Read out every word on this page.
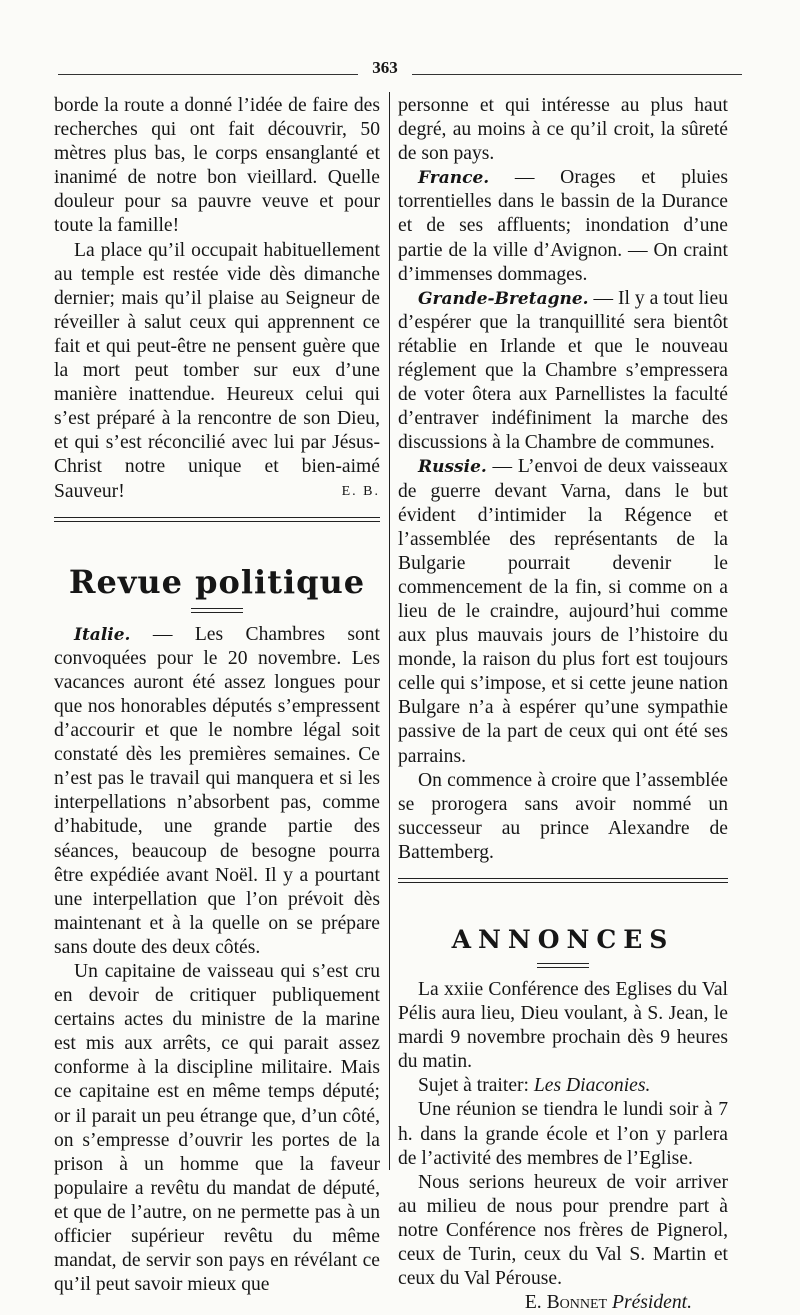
363

borde la route a donné l’idée de faire des recherches qui ont fait découvrir, 50 mètres plus bas, le corps ensanglanté et inanimé de notre bon vieillard. Quelle douleur pour sa pauvre veuve et pour toute la famille!

La place qu’il occupait habituellement au temple est restée vide dès dimanche dernier; mais qu’il plaise au Seigneur de réveiller à salut ceux qui apprennent ce fait et qui peut-être ne pensent guère que la mort peut tomber sur eux d’une manière inattendue. Heureux celui qui s’est préparé à la rencontre de son Dieu, et qui s’est réconcilié avec lui par Jésus-Christ notre unique et bien-aimé Sauveur!	E. B.

Revue politique

Italie. — Les Chambres sont convoquées pour le 20 novembre. Les vacances auront été assez longues pour que nos honorables députés s’empressent d’accourir et que le nombre légal soit constaté dès les premières semaines. Ce n’est pas le travail qui manquera et si les interpellations n’absorbent pas, comme d’habitude, une grande partie des séances, beaucoup de besogne pourra être expédiée avant Noël. Il y a pourtant une interpellation que l’on prévoit dès maintenant et à la quelle on se prépare sans doute des deux côtés.

Un capitaine de vaisseau qui s’est cru en devoir de critiquer publiquement certains actes du ministre de la marine est mis aux arrêts, ce qui parait assez conforme à la discipline militaire. Mais ce capitaine est en même temps député; or il parait un peu étrange que, d’un côté, on s’empresse d’ouvrir les portes de la prison à un homme que la faveur populaire a revêtu du mandat de député, et que de l’autre, on ne permette pas à un officier supérieur revêtu du même mandat, de servir son pays en révélant ce qu’il peut savoir mieux que

personne et qui intéresse au plus haut degré, au moins à ce qu’il croit, la sûreté de son pays.

France. — Orages et pluies torrentielles dans le bassin de la Durance et de ses affluents; inondation d’une partie de la ville d’Avignon. — On craint d’immenses dommages.

Grande-Bretagne. — Il y a tout lieu d’espérer que la tranquillité sera bientôt rétablie en Irlande et que le nouveau réglement que la Chambre s’empressera de voter ôtera aux Parnellistes la faculté d’entraver indéfiniment la marche des discussions à la Chambre de communes.

Russie. — L’envoi de deux vaisseaux de guerre devant Varna, dans le but évident d’intimider la Régence et l’assemblée des représentants de la Bulgarie pourrait devenir le commencement de la fin, si comme on a lieu de le craindre, aujourd’hui comme aux plus mauvais jours de l’histoire du monde, la raison du plus fort est toujours celle qui s’impose, et si cette jeune nation Bulgare n’a à espérer qu’une sympathie passive de la part de ceux qui ont été ses parrains.

On commence à croire que l’assemblée se prorogera sans avoir nommé un successeur au prince Alexandre de Battemberg.

ANNONCES

La xxiie Conférence des Eglises du Val Pélis aura lieu, Dieu voulant, à S. Jean, le mardi 9 novembre prochain dès 9 heures du matin.

Sujet à traiter: Les Diaconies.

Une réunion se tiendra le lundi soir à 7 h. dans la grande école et l’on y parlera de l’activité des membres de l’Eglise.

Nous serions heureux de voir arriver au milieu de nous pour prendre part à notre Conférence nos frères de Pignerol, ceux de Turin, ceux du Val S. Martin et ceux du Val Pérouse.

E. Bonnet Président.
